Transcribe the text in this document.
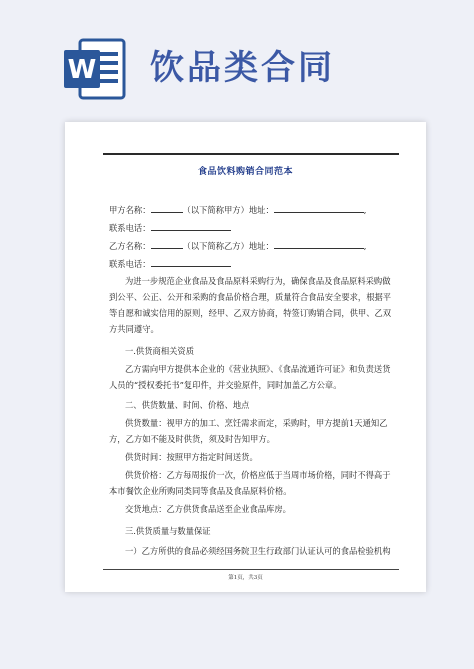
W 饮品类合同
食品饮料购销合同范本
甲方名称：	（以下简称甲方）地址：	,
联系电话：
乙方名称：	（以下简称乙方）地址：	,
联系电话：
为进一步规范企业食品及食品原料采购行为，确保食品及食品原料采购做
到公平、公正、公开和采购的食品价格合理，质量符合食品安全要求，根据平
等自愿和诚实信用的原则，经甲、乙双方协商，特签订购销合同，供甲、乙双
方共同遵守。
一.供货商相关资质
乙方需向甲方提供本企业的《营业执照》、《食品流通许可证》和负责送货
人员的“授权委托书”复印件，并交验原件，同时加盖乙方公章。
二、供货数量、时间、价格、地点
供货数量：视甲方的加工、烹饪需求而定，采购时，甲方提前1天通知乙
方，乙方如不能及时供货，须及时告知甲方。
供货时间：按照甲方指定时间送货。
供货价格：乙方每周报价一次，价格应低于当周市场价格，同时不得高于
本市餐饮企业所购同类同等食品及食品原料价格。
交货地点：乙方供货食品送至企业食品库房。
三.供货质量与数量保证
一）乙方所供的食品必须经国务院卫生行政部门认证认可的食品检验机构
第1页，共3页
